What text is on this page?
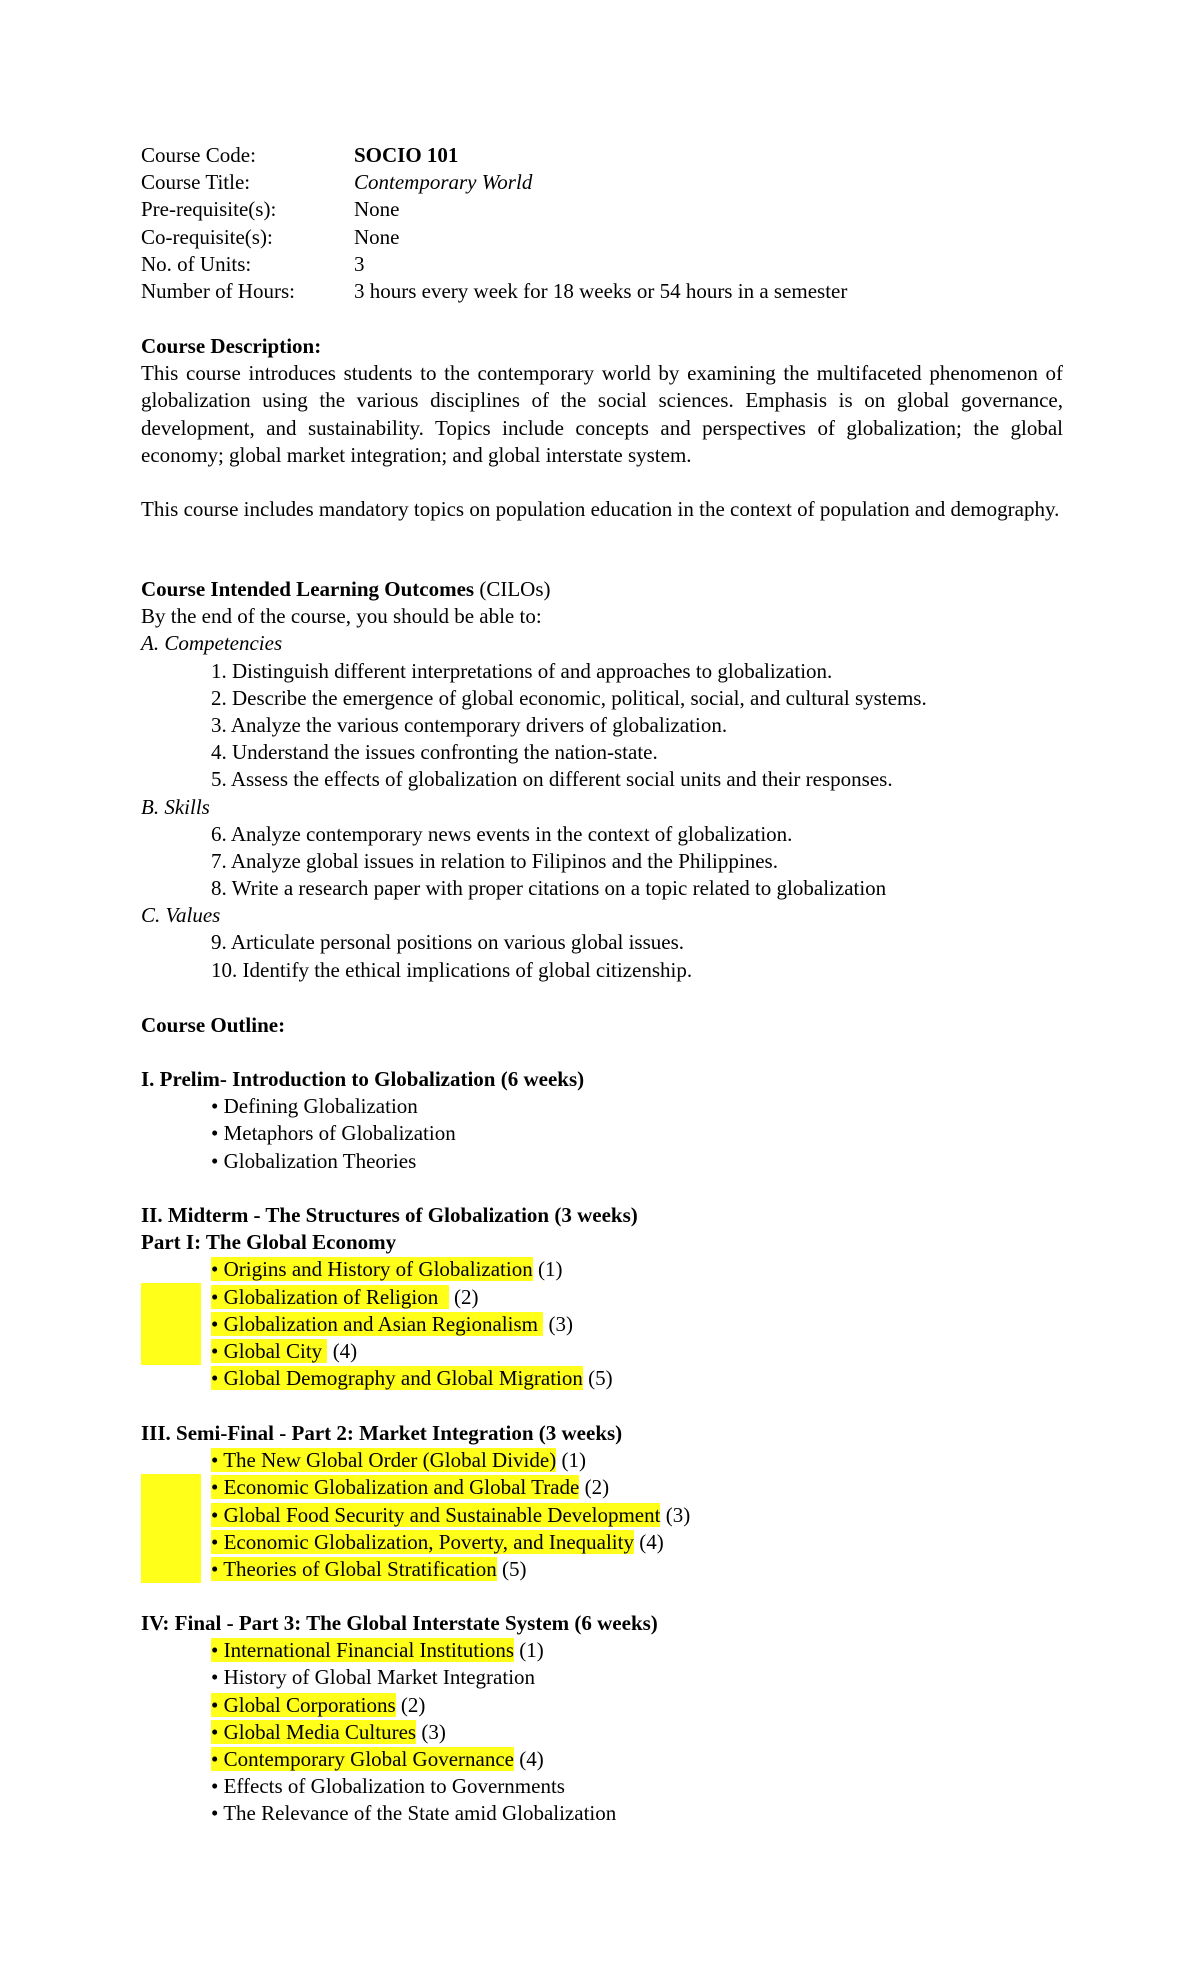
Course Code:	SOCIO 101
Course Title:	Contemporary World
Pre-requisite(s):	None
Co-requisite(s):	None
No. of Units:	3
Number of Hours:	3 hours every week for 18 weeks or 54 hours in a semester
Course Description:

This course introduces students to the contemporary world by examining the multifaceted phenomenon of globalization using the various disciplines of the social sciences. Emphasis is on global governance, development, and sustainability. Topics include concepts and perspectives of globalization; the global economy; global market integration; and global interstate system.

This course includes mandatory topics on population education in the context of population and demography.

Course Intended Learning Outcomes (CILOs)
By the end of the course, you should be able to:
A. Competencies
1. Distinguish different interpretations of and approaches to globalization.
2. Describe the emergence of global economic, political, social, and cultural systems.
3. Analyze the various contemporary drivers of globalization.
4. Understand the issues confronting the nation-state.
5. Assess the effects of globalization on different social units and their responses.
B. Skills
6. Analyze contemporary news events in the context of globalization.
7. Analyze global issues in relation to Filipinos and the Philippines.
8. Write a research paper with proper citations on a topic related to globalization
C. Values
9. Articulate personal positions on various global issues.
10. Identify the ethical implications of global citizenship.
Course Outline:
I. Prelim- Introduction to Globalization (6 weeks)
• Defining Globalization
• Metaphors of Globalization
• Globalization Theories
II. Midterm - The Structures of Globalization (3 weeks)
Part I: The Global Economy
• Origins and History of Globalization (1)
• Globalization of Religion   (2)
• Globalization and Asian Regionalism  (3)
• Global City  (4)
• Global Demography and Global Migration (5)
III. Semi-Final - Part 2: Market Integration (3 weeks)
• The New Global Order (Global Divide) (1)
• Economic Globalization and Global Trade (2)
• Global Food Security and Sustainable Development (3)
• Economic Globalization, Poverty, and Inequality (4)
• Theories of Global Stratification (5)
IV: Final - Part 3: The Global Interstate System (6 weeks)
• International Financial Institutions (1)
• History of Global Market Integration
• Global Corporations (2)
• Global Media Cultures (3)
• Contemporary Global Governance (4)
• Effects of Globalization to Governments
• The Relevance of the State amid Globalization
